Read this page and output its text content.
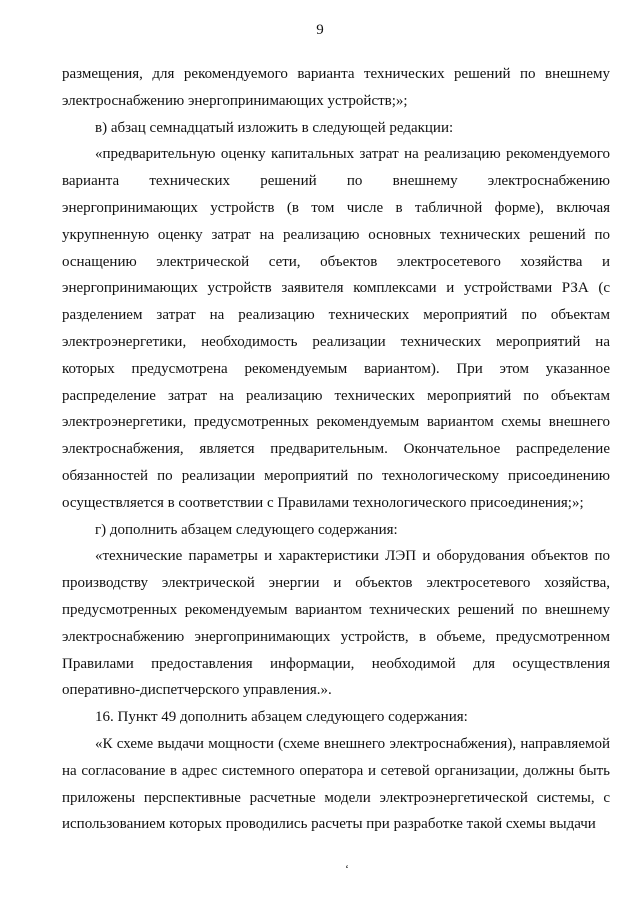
9

размещения, для рекомендуемого варианта технических решений по внешнему электроснабжению энергопринимающих устройств;»;

в) абзац семнадцатый изложить в следующей редакции:

«предварительную оценку капитальных затрат на реализацию рекомендуемого варианта технических решений по внешнему электроснабжению энергопринимающих устройств (в том числе в табличной форме), включая укрупненную оценку затрат на реализацию основных технических решений по оснащению электрической сети, объектов электросетевого хозяйства и энергопринимающих устройств заявителя комплексами и устройствами РЗА (с разделением затрат на реализацию технических мероприятий по объектам электроэнергетики, необходимость реализации технических мероприятий на которых предусмотрена рекомендуемым вариантом). При этом указанное распределение затрат на реализацию технических мероприятий по объектам электроэнергетики, предусмотренных рекомендуемым вариантом схемы внешнего электроснабжения, является предварительным. Окончательное распределение обязанностей по реализации мероприятий по технологическому присоединению осуществляется в соответствии с Правилами технологического присоединения;»;

г) дополнить абзацем следующего содержания:

«технические параметры и характеристики ЛЭП и оборудования объектов по производству электрической энергии и объектов электросетевого хозяйства, предусмотренных рекомендуемым вариантом технических решений по внешнему электроснабжению энергопринимающих устройств, в объеме, предусмотренном Правилами предоставления информации, необходимой для осуществления оперативно-диспетчерского управления.».

16. Пункт 49 дополнить абзацем следующего содержания:

«К схеме выдачи мощности (схеме внешнего электроснабжения), направляемой на согласование в адрес системного оператора и сетевой организации, должны быть приложены перспективные расчетные модели электроэнергетической системы, с использованием которых проводились расчеты при разработке такой схемы выдачи

ʻ
